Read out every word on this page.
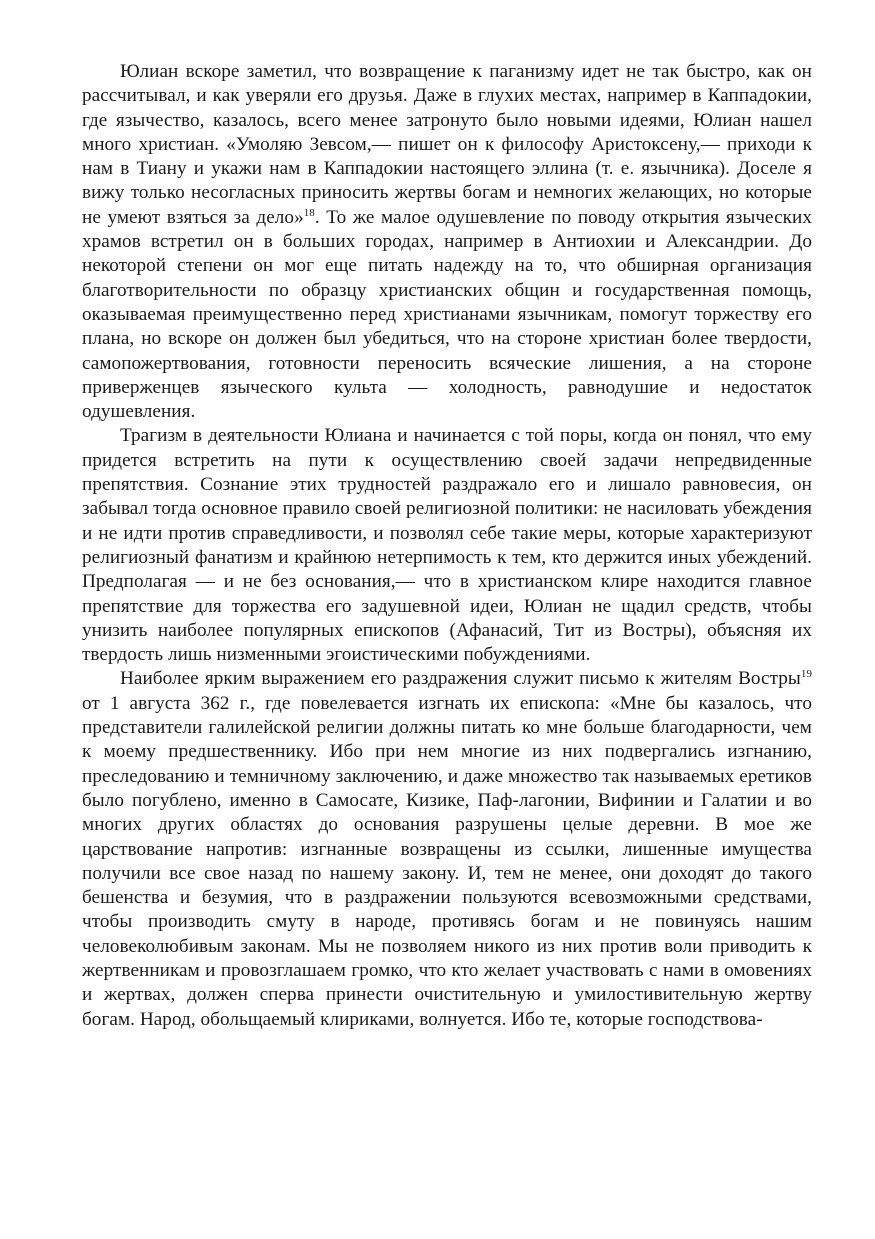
Юлиан вскоре заметил, что возвращение к паганизму идет не так быстро, как он рассчитывал, и как уверяли его друзья. Даже в глухих местах, например в Каппадокии, где язычество, казалось, всего менее затронуто было новыми идеями, Юлиан нашел много христиан. «Умоляю Зевсом,— пишет он к философу Аристоксену,— приходи к нам в Тиану и укажи нам в Каппадокии настоящего эллина (т. е. язычника). Доселе я вижу только несогласных приносить жертвы богам и немногих желающих, но которые не умеют взяться за дело»$^{18}$. То же малое одушевление по поводу открытия языческих храмов встретил он в больших городах, например в Антиохии и Александрии. До некоторой степени он мог еще питать надежду на то, что обширная организация благотворительности по образцу христианских общин и государственная помощь, оказываемая преимущественно перед христианами язычникам, помогут торжеству его плана, но вскоре он должен был убедиться, что на стороне христиан более твердости, самопожертвования, готовности переносить всяческие лишения, а на стороне приверженцев языческого культа — холодность, равнодушие и недостаток одушевления.

Трагизм в деятельности Юлиана и начинается с той поры, когда он понял, что ему придется встретить на пути к осуществлению своей задачи непредвиденные препятствия. Сознание этих трудностей раздражало его и лишало равновесия, он забывал тогда основное правило своей религиозной политики: не насиловать убеждения и не идти против справедливости, и позволял себе такие меры, которые характеризуют религиозный фанатизм и крайнюю нетерпимость к тем, кто держится иных убеждений. Предполагая — и не без основания,— что в христианском клире находится главное препятствие для торжества его задушевной идеи, Юлиан не щадил средств, чтобы унизить наиболее популярных епископов (Афанасий, Тит из Востры), объясняя их твердость лишь низменными эгоистическими побуждениями.

Наиболее ярким выражением его раздражения служит письмо к жителям Востры$^{19}$ от 1 августа 362 г., где повелевается изгнать их епископа: «Мне бы казалось, что представители галилейской религии должны питать ко мне больше благодарности, чем к моему предшественнику. Ибо при нем многие из них подвергались изгнанию, преследованию и темничному заключению, и даже множество так называемых еретиков было погублено, именно в Самосате, Кизике, Паф-лагонии, Вифинии и Галатии и во многих других областях до основания разрушены целые деревни. В мое же царствование напротив: изгнанные возвращены из ссылки, лишенные имущества получили все свое назад по нашему закону. И, тем не менее, они доходят до такого бешенства и безумия, что в раздражении пользуются всевозможными средствами, чтобы производить смуту в народе, противясь богам и не повинуясь нашим человеколюбивым законам. Мы не позволяем никого из них против воли приводить к жертвенникам и провозглашаем громко, что кто желает участвовать с нами в омовениях и жертвах, должен сперва принести очистительную и умилостивительную жертву богам. Народ, обольщаемый клириками, волнуется. Ибо те, которые господствова-
